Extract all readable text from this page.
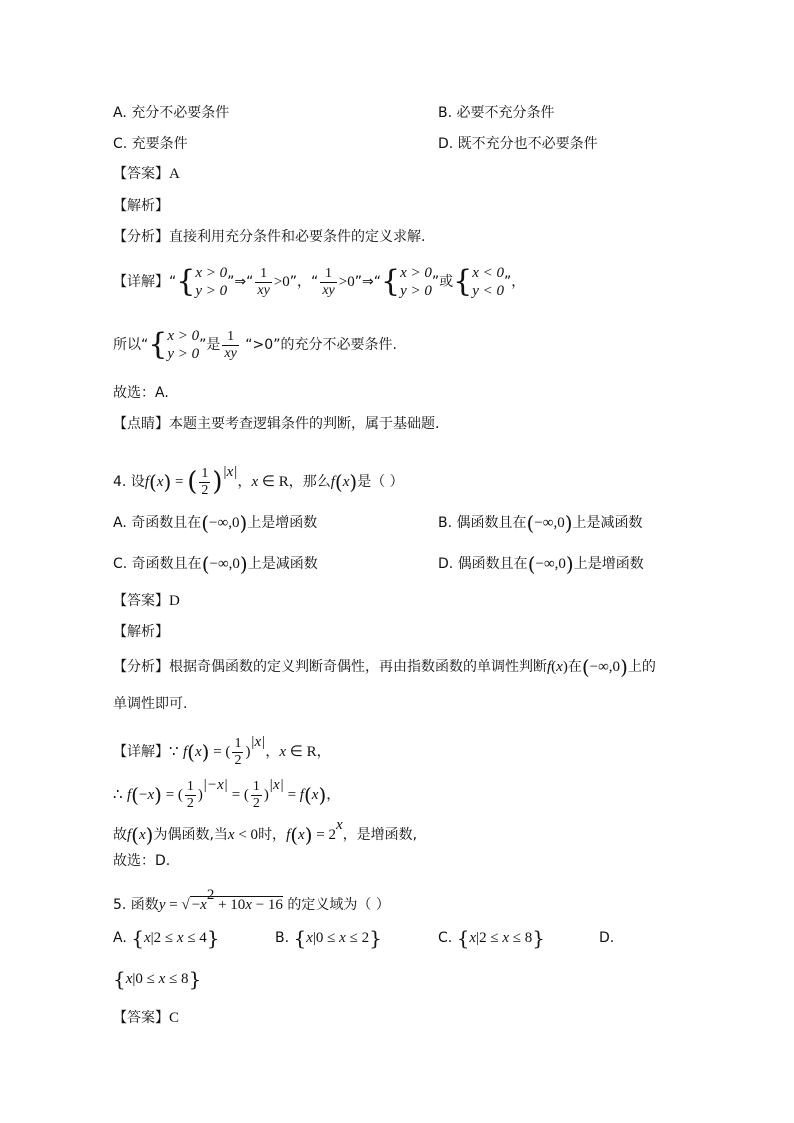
A. 充分不必要条件	B. 必要不充分条件
C. 充要条件	D. 既不充分也不必要条件
【答案】A
【解析】
【分析】直接利用充分条件和必要条件的定义求解.
【详解】“{ x > 0
y > 0
”⇒“ $\frac{1}{xy} >0$”，“ $\frac{1}{xy}$ >0”⇒“{ x > 0
y > 0
”或{ x < 0
y < 0
”，
所以“{ x > 0
y > 0
”是 $\frac{1}{xy}$ “>0”的充分不必要条件.
故选：A.
【点睛】本题主要考查逻辑条件的判断，属于基础题.
4. 设f(x) = ( $\frac{1}{2} )^{|x|}$，x ∈ R，那么f(x)是（ ）
A. 奇函数且在(−∞,0)上是增函数	B. 偶函数且在(−∞,0)上是减函数
C. 奇函数且在(−∞,0)上是减函数	D. 偶函数且在(−∞,0)上是增函数
【答案】D
【解析】
【分析】根据奇偶函数的定义判断奇偶性，再由指数函数的单调性判断f(x)在(−∞,0)上的
单调性即可.
【详解】∵ f(x) = ( $\frac{1}{2} )^{|x|}$，x ∈ R，
∴ f(−x) = ( $\frac{1}{2} )^{|-x|}$ = ( $\frac{1}{2} )^{|x|} = f(x)$，
故f(x)为偶函数,当x < 0时，$f(x) = 2^x$，是增函数,
故选：D.
5. 函数y = √ $-x^2 + 10x - 16$ 的定义域为（ ）
A. {x|2 ≤ x ≤ 4}	B. {x|0 ≤ x ≤ 2}	C. {x|2 ≤ x ≤ 8}	D.
{x|0 ≤ x ≤ 8}
【答案】C
